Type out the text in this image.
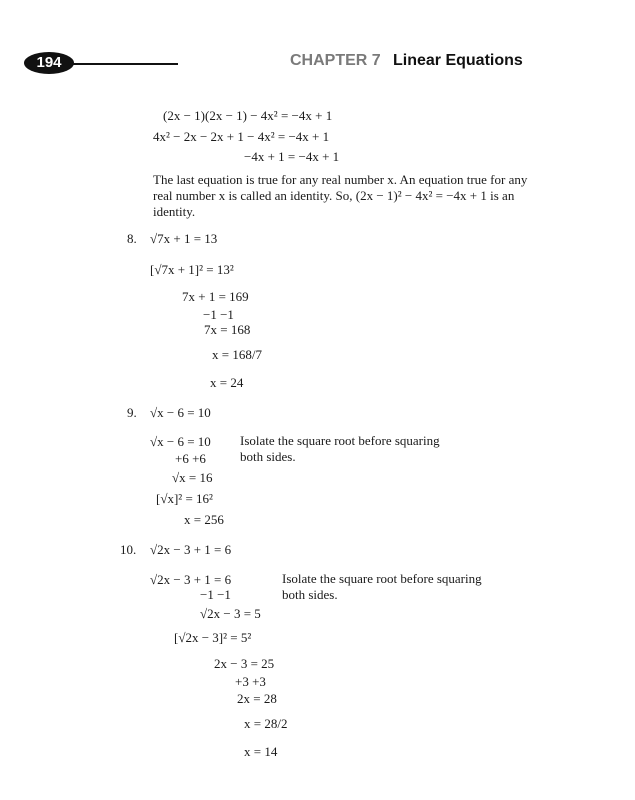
194	CHAPTER 7 Linear Equations
(2x − 1)(2x − 1) − 4x² = −4x + 1
4x² − 2x − 2x + 1 − 4x² = −4x + 1
−4x + 1 = −4x + 1
The last equation is true for any real number x. An equation true for any real number x is called an identity. So, (2x − 1)² − 4x² = −4x + 1 is an identity.
8. √7x + 1 = 13
[√7x + 1]² = 13²
7x + 1 = 169
−1 −1
7x = 168
x = 168/7
x = 24
9. √x − 6 = 10
√x − 6 = 10 Isolate the square root before squaring both sides.
+6 +6
√x = 16
[√x]² = 16²
x = 256
10. √2x − 3 + 1 = 6
√2x − 3 + 1 = 6	Isolate the square root before squaring both sides.
−1 −1
√2x − 3 = 5
[√2x − 3]² = 5²
2x − 3 = 25
+3 +3
2x = 28
x = 28/2
x = 14
